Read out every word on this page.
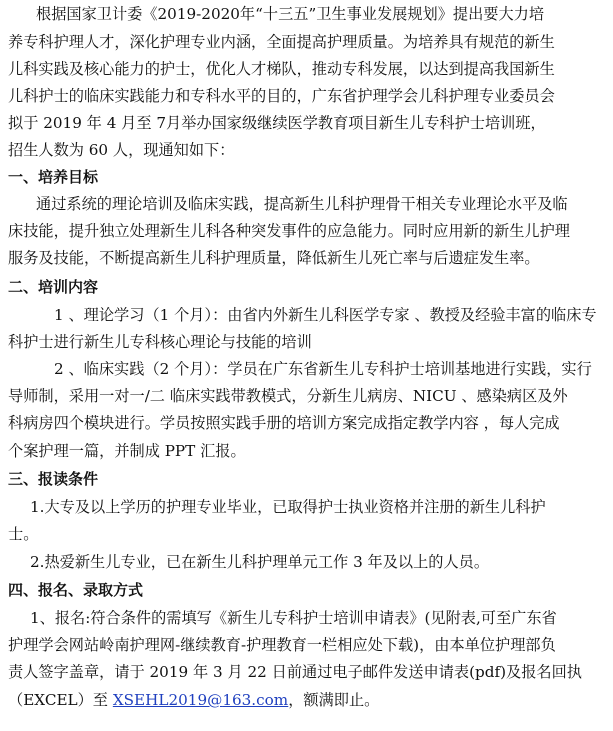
根据国家卫计委《2019-2020年“十三五”卫生事业发展规划》提出要大力培
养专科护理人才，深化护理专业内涵，全面提高护理质量。为培养具有规范的新生
儿科实践及核心能力的护士，优化人才梯队，推动专科发展，以达到提高我国新生
儿科护士的临床实践能力和专科水平的目的，广东省护理学会儿科护理专业委员会
拟于 2019 年 4 月至 7月举办国家级继续医学教育项目新生儿专科护士培训班，
招生人数为 60 人，现通知如下：
一、培养目标
通过系统的理论培训及临床实践，提高新生儿科护理骨干相关专业理论水平及临
床技能，提升独立处理新生儿科各种突发事件的应急能力。同时应用新的新生儿护理
服务及技能，不断提高新生儿科护理质量，降低新生儿死亡率与后遗症发生率。
二、培训内容
1 、理论学习（1 个月）：由省内外新生儿科医学专家 、教授及经验丰富的临床专
科护士进行新生儿专科核心理论与技能的培训
2 、临床实践（2 个月）：学员在广东省新生儿专科护士培训基地进行实践，实行
导师制，采用一对一/二 临床实践带教模式，分新生儿病房、NICU 、感染病区及外
科病房四个模块进行。学员按照实践手册的培训方案完成指定教学内容 ，每人完成
个案护理一篇，并制成 PPT 汇报。
三、报读条件
1.大专及以上学历的护理专业毕业，已取得护士执业资格并注册的新生儿科护
士。
2.热爱新生儿专业，已在新生儿科护理单元工作 3 年及以上的人员。
四、报名、录取方式
1、报名:符合条件的需填写《新生儿专科护士培训申请表》(见附表,可至广东省
护理学会网站岭南护理网-继续教育-护理教育一栏相应处下载)，由本单位护理部负
责人签字盖章，请于 2019 年 3 月 22 日前通过电子邮件发送申请表(pdf)及报名回执
（EXCEL）至 XSEHL2019@163.com，额满即止。
